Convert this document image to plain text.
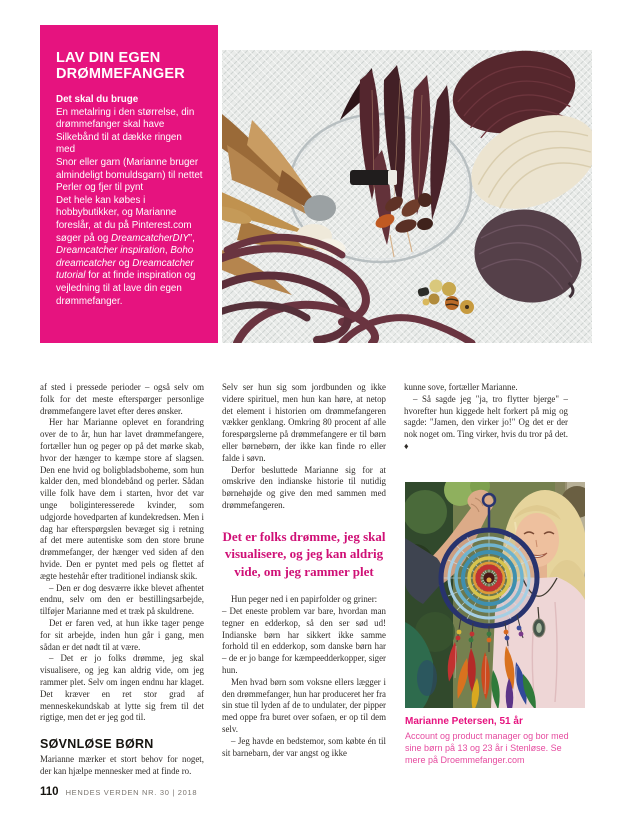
LAV DIN EGEN DRØMMEFANGER
Det skal du bruge
En metalring i den størrelse, din drømmefanger skal have
Silkebånd til at dække ringen med
Snor eller garn (Marianne bruger almindeligt bomuldsgarn) til nettet
Perler og fjer til pynt

Det hele kan købes i hobbybutikker, og Marianne foreslår, at du på Pinterest.com søger på og DreamcatcherDIY”, Dreamcatcher inspiration, Boho dreamcatcher og Dreamcatcher tutorial for at finde inspiration og vejledning til at lave din egen drømmefanger.

af sted i pressede perioder – også selv om folk for det meste efterspørger personlige drømmefangere lavet efter deres ønsker.

Her har Marianne oplevet en forandring over de to år, hun har lavet drømmefangere, fortæller hun og peger op på det mørke skab, hvor der hænger to kæmpe store af slagsen. Den ene hvid og boligbladsboheme, som hun kalder den, med blondebånd og perler. Sådan ville folk have dem i starten, hvor det var unge boliginteresserede kvinder, som udgjorde hovedparten af kundekredsen. Men i dag har efterspørgslen bevæget sig i retning af det mere autentiske som den store brune drømmefanger, der hænger ved siden af den hvide. Den er pyntet med pels og flettet af ægte hestehår efter traditionel indiansk skik.

– Den er dog desværre ikke blevet afhentet endnu, selv om den er bestillingsarbejde, tilføjer Marianne med et træk på skuldrene.

Det er faren ved, at hun ikke tager penge for sit arbejde, inden hun går i gang, men sådan er det nødt til at være.

– Det er jo folks drømme, jeg skal visualisere, og jeg kan aldrig vide, om jeg rammer plet. Selv om ingen endnu har klaget. Det kræver en ret stor grad af menneskekundskab at lytte sig frem til det rigtige, men det er jeg god til.

SØVNLØSE BØRN

Marianne mærker et stort behov for noget, der kan hjælpe mennesker med at finde ro.

Selv ser hun sig som jordbunden og ikke videre spirituel, men hun kan høre, at netop det element i historien om drømmefangeren vækker genklang. Omkring 80 procent af alle forespørgslerne på drømmefangere er til børn eller børnebørn, der ikke kan finde ro eller falde i søvn.

Derfor besluttede Marianne sig for at omskrive den indianske historie til nutidig børnehøjde og give den med sammen med drømmefangeren.

Det er folks drømme, jeg skal visualisere, og jeg kan aldrig vide, om jeg rammer plet

Hun peger ned i en papirfolder og griner:

– Det eneste problem var bare, hvordan man tegner en edderkop, så den ser sød ud! Indianske børn har sikkert ikke samme forhold til en edderkop, som danske børn har – de er jo bange for kæmpeedderkopper, siger hun.

Men hvad børn som voksne ellers lægger i den drømmefanger, hun har produceret her fra sin stue til lyden af de to undulater, der pipper med oppe fra buret over sofaen, er op til dem selv.

– Jeg havde en bedstemor, som købte én til sit barnebarn, der var angst og ikke

kunne sove, fortæller Marianne.

– Så sagde jeg "ja, tro flytter bjerge" – hvorefter hun kiggede helt forkert på mig og sagde: "Jamen, den virker jo!" Og det er der nok noget om. Ting virker, hvis du tror på det. ♦

Marianne Petersen, 51 år
Account og product manager og bor med sine børn på 13 og 23 år i Stenløse. Se mere på Droemmefanger.com
110 HENDES VERDEN NR. 30 | 2018
